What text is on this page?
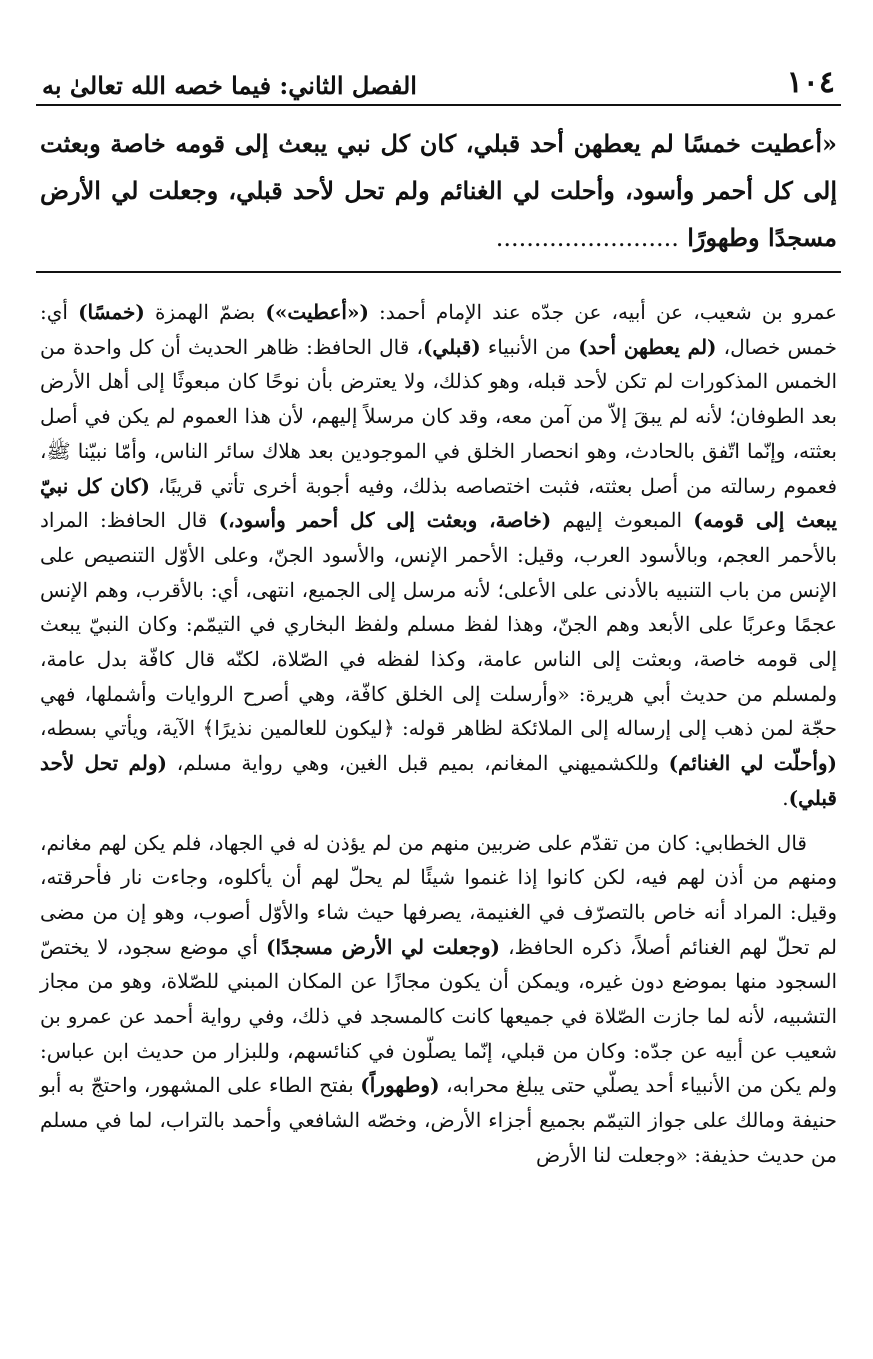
١٠٤
الفصل الثاني: فيما خصه الله تعالىٰ به
«أعطيت خمسًا لم يعطهن أحد قبلي، كان كل نبي يبعث إلى قومه خاصة وبعثت إلى كل أحمر وأسود، وأحلت لي الغنائم ولم تحل لأحد قبلي، وجعلت لي الأرض مسجدًا وطهورًا ........................

عمرو بن شعيب، عن أبيه، عن جدّه عند الإمام أحمد: («أعطيت») بضمّ الهمزة (خمسًا) أي: خمس خصال، (لم يعطهن أحد) من الأنبياء (قبلي)، قال الحافظ: ظاهر الحديث أن كل واحدة من الخمس المذكورات لم تكن لأحد قبله، وهو كذلك، ولا يعترض بأن نوحًا كان مبعوثًا إلى أهل الأرض بعد الطوفان؛ لأنه لم يبقَ إلاّ من آمن معه، وقد كان مرسلاً إليهم، لأن هذا العموم لم يكن في أصل بعثته، وإنّما اتّفق بالحادث، وهو انحصار الخلق في الموجودين بعد هلاك سائر الناس، وأمّا نبيّنا ﷺ، فعموم رسالته من أصل بعثته، فثبت اختصاصه بذلك، وفيه أجوبة أخرى تأتي قريبًا، (كان كل نبيّ يبعث إلى قومه) المبعوث إليهم (خاصة، وبعثت إلى كل أحمر وأسود،) قال الحافظ: المراد بالأحمر العجم، وبالأسود العرب، وقيل: الأحمر الإنس، والأسود الجنّ، وعلى الأوّل التنصيص على الإنس من باب التنبيه بالأدنى على الأعلى؛ لأنه مرسل إلى الجميع، انتهى، أي: بالأقرب، وهم الإنس عجمًا وعربًا على الأبعد وهم الجنّ، وهذا لفظ مسلم ولفظ البخاري في التيمّم: وكان النبيّ يبعث إلى قومه خاصة، وبعثت إلى الناس عامة، وكذا لفظه في الصّلاة، لكنّه قال كافّة بدل عامة، ولمسلم من حديث أبي هريرة: «وأرسلت إلى الخلق كافّة، وهي أصرح الروايات وأشملها، فهي حجّة لمن ذهب إلى إرساله إلى الملائكة لظاهر قوله: ﴿ليكون للعالمين نذيرًا﴾ الآية، ويأتي بسطه، (وأحلّت لي الغنائم) وللكشميهني المغانم، بميم قبل الغين، وهي رواية مسلم، (ولم تحل لأحد قبلي).

قال الخطابي: كان من تقدّم على ضربين منهم من لم يؤذن له في الجهاد، فلم يكن لهم مغانم، ومنهم من أذن لهم فيه، لكن كانوا إذا غنموا شيئًا لم يحلّ لهم أن يأكلوه، وجاءت نار فأحرقته، وقيل: المراد أنه خاص بالتصرّف في الغنيمة، يصرفها حيث شاء والأوّل أصوب، وهو إن من مضى لم تحلّ لهم الغنائم أصلاً، ذكره الحافظ، (وجعلت لي الأرض مسجدًا) أي موضع سجود، لا يختصّ السجود منها بموضع دون غيره، ويمكن أن يكون مجازًا عن المكان المبني للصّلاة، وهو من مجاز التشبيه، لأنه لما جازت الصّلاة في جميعها كانت كالمسجد في ذلك، وفي رواية أحمد عن عمرو بن شعيب عن أبيه عن جدّه: وكان من قبلي، إنّما يصلّون في كنائسهم، وللبزار من حديث ابن عباس: ولم يكن من الأنبياء أحد يصلّي حتى يبلغ محرابه، (وطهوراً) بفتح الطاء على المشهور، واحتجّ به أبو حنيفة ومالك على جواز التيمّم بجميع أجزاء الأرض، وخصّه الشافعي وأحمد بالتراب، لما في مسلم من حديث حذيفة: «وجعلت لنا الأرض
